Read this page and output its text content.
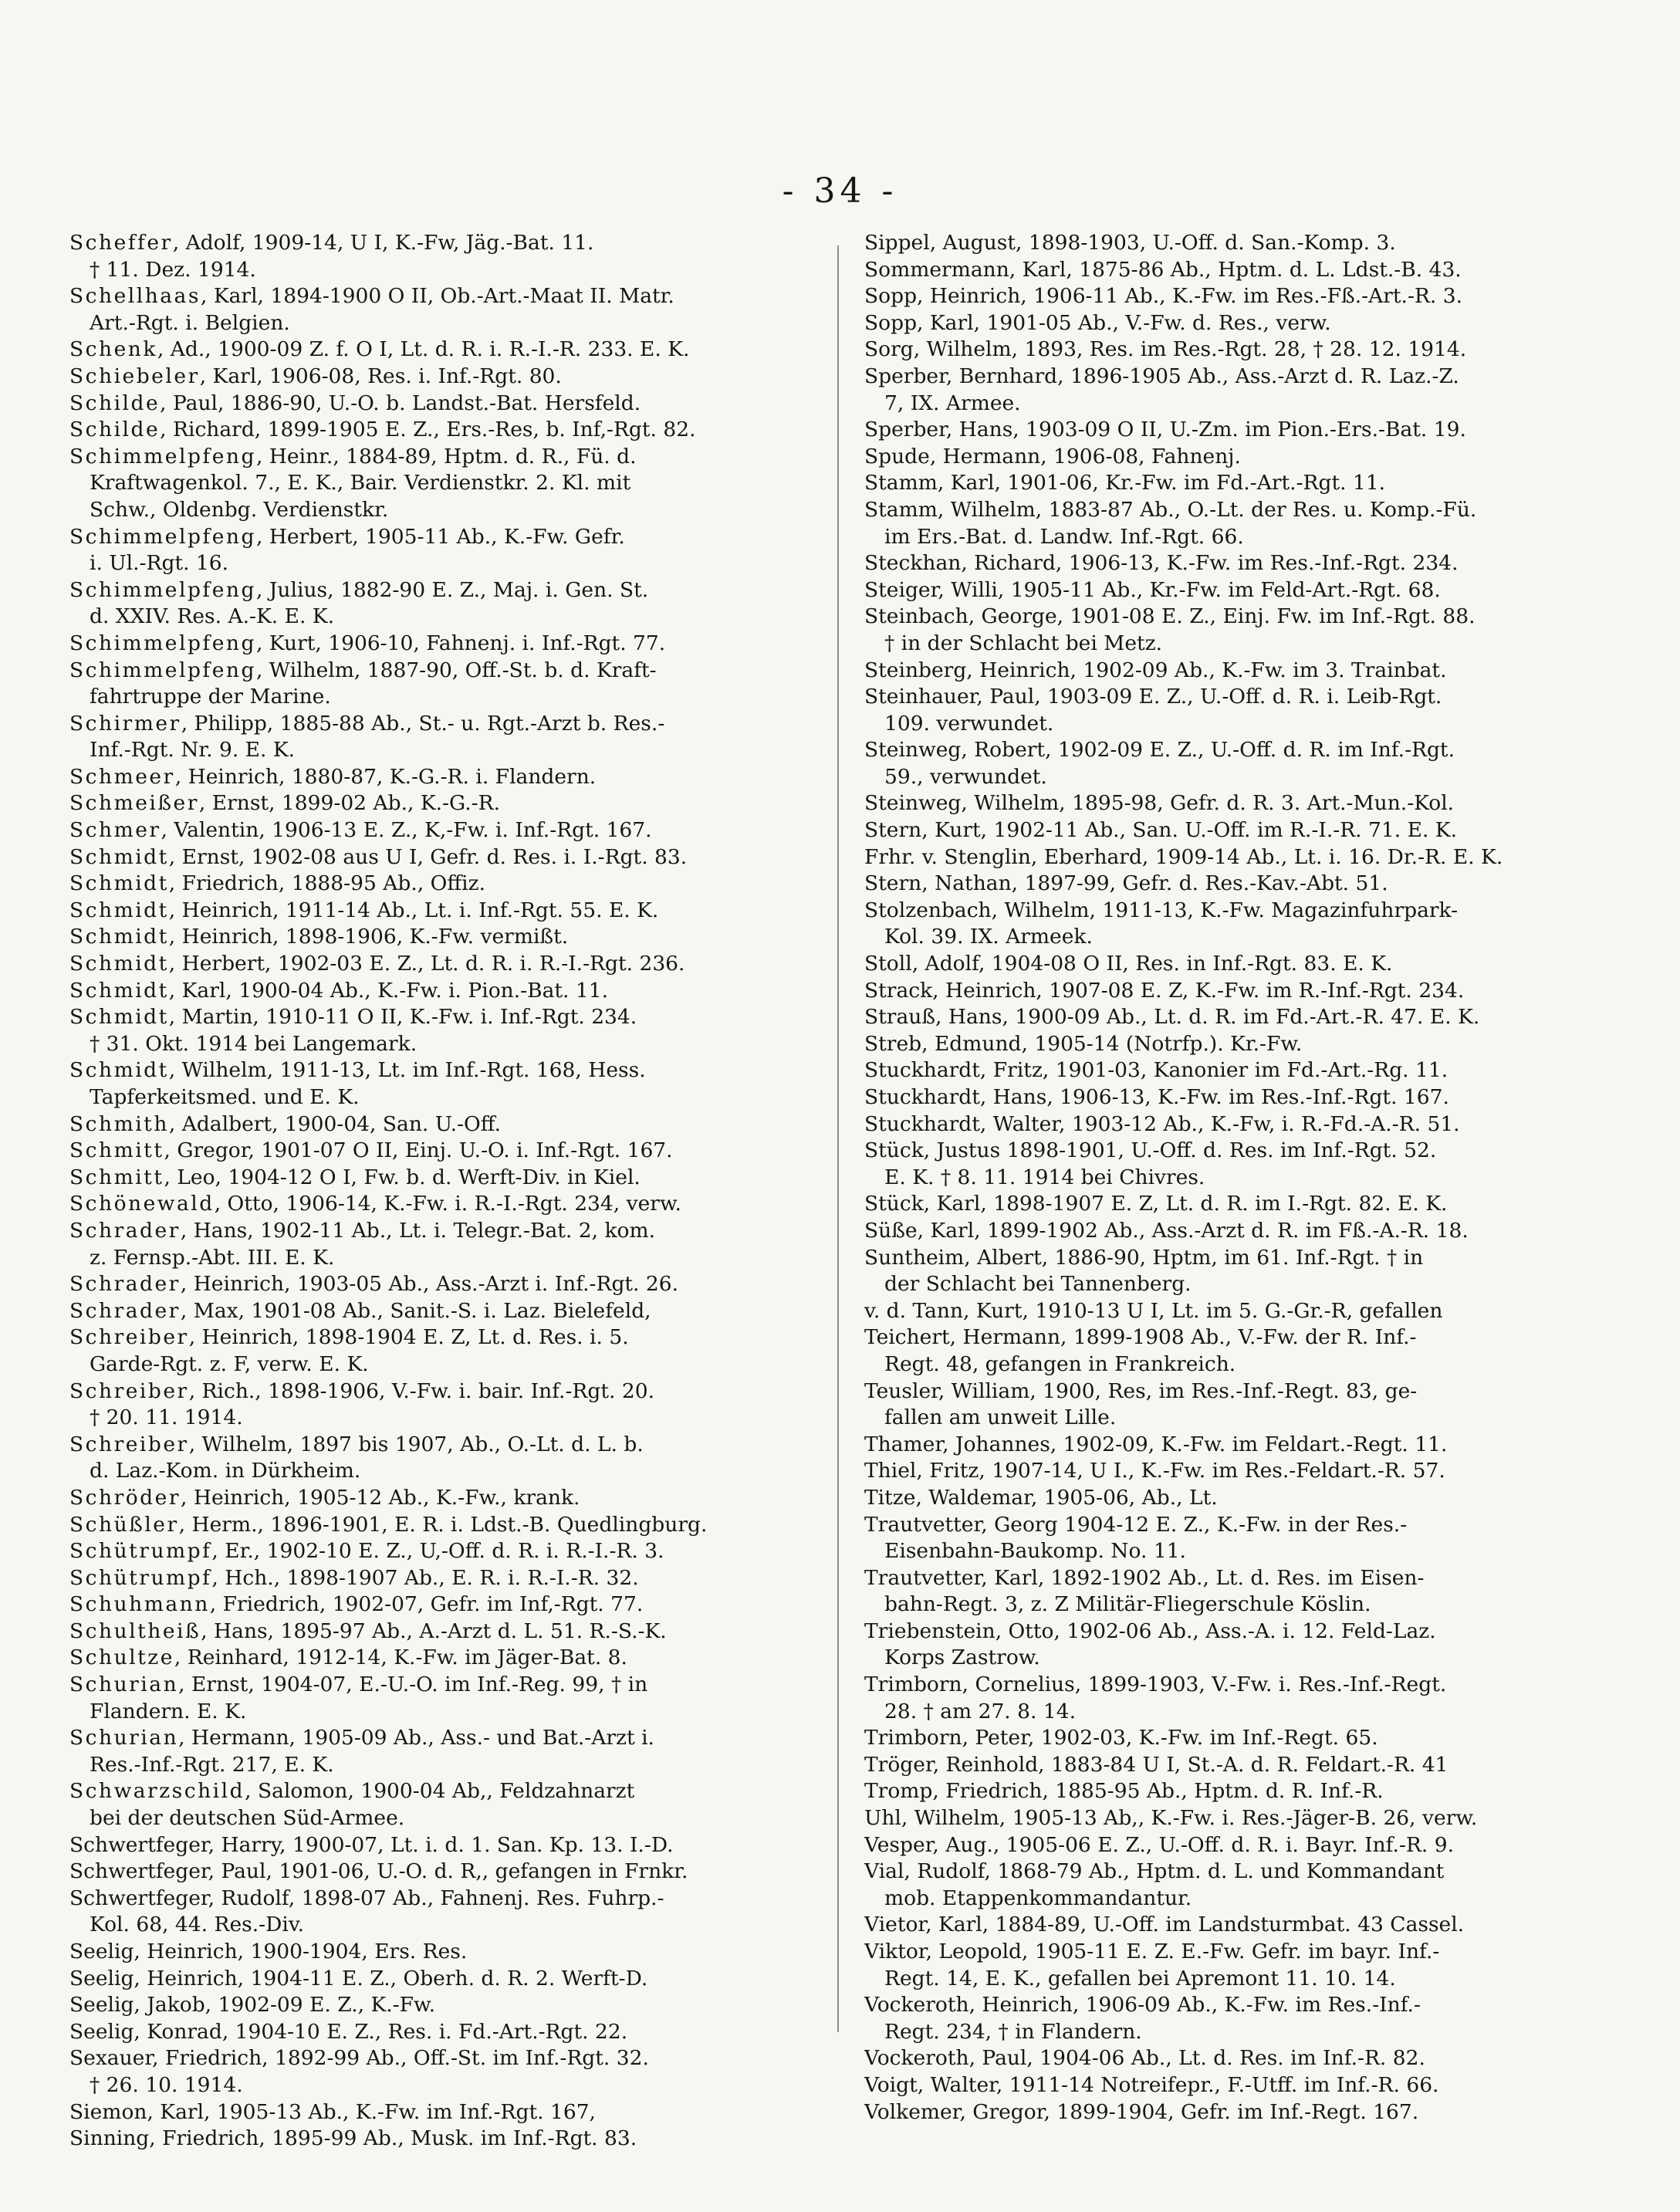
- 34 -
Scheffer, Adolf, 1909-14, U I, K.-Fw, Jäg.-Bat. 11.
† 11. Dez. 1914.
Schellhaas, Karl, 1894-1900 O II, Ob.-Art.-Maat II. Matr.
Art.-Rgt. i. Belgien.
Schenk, Ad., 1900-09 Z. f. O I, Lt. d. R. i. R.-I.-R. 233. E. K.
Schiebeler, Karl, 1906-08, Res. i. Inf.-Rgt. 80.
Schilde, Paul, 1886-90, U.-O. b. Landst.-Bat. Hersfeld.
Schilde, Richard, 1899-1905 E. Z., Ers.-Res, b. Inf,-Rgt. 82.
Schimmelpfeng, Heinr., 1884-89, Hptm. d. R., Fü. d.
Kraftwagenkol. 7., E. K., Bair. Verdienstkr. 2. Kl. mit
Schw., Oldenbg. Verdienstkr.
Schimmelpfeng, Herbert, 1905-11 Ab., K.-Fw. Gefr.
i. Ul.-Rgt. 16.
Schimmelpfeng, Julius, 1882-90 E. Z., Maj. i. Gen. St.
d. XXIV. Res. A.-K. E. K.
Schimmelpfeng, Kurt, 1906-10, Fahnenj. i. Inf.-Rgt. 77.
Schimmelpfeng, Wilhelm, 1887-90, Off.-St. b. d. Kraft-
fahrtruppe der Marine.
Schirmer, Philipp, 1885-88 Ab., St.- u. Rgt.-Arzt b. Res.-
Inf.-Rgt. Nr. 9. E. K.
Schmeer, Heinrich, 1880-87, K.-G.-R. i. Flandern.
Schmeißer, Ernst, 1899-02 Ab., K.-G.-R.
Schmer, Valentin, 1906-13 E. Z., K,-Fw. i. Inf.-Rgt. 167.
Schmidt, Ernst, 1902-08 aus U I, Gefr. d. Res. i. I.-Rgt. 83.
Schmidt, Friedrich, 1888-95 Ab., Offiz.
Schmidt, Heinrich, 1911-14 Ab., Lt. i. Inf.-Rgt. 55. E. K.
Schmidt, Heinrich, 1898-1906, K.-Fw. vermißt.
Schmidt, Herbert, 1902-03 E. Z., Lt. d. R. i. R.-I.-Rgt. 236.
Schmidt, Karl, 1900-04 Ab., K.-Fw. i. Pion.-Bat. 11.
Schmidt, Martin, 1910-11 O II, K.-Fw. i. Inf.-Rgt. 234.
† 31. Okt. 1914 bei Langemark.
Schmidt, Wilhelm, 1911-13, Lt. im Inf.-Rgt. 168, Hess.
Tapferkeitsmed. und E. K.
Schmith, Adalbert, 1900-04, San. U.-Off.
Schmitt, Gregor, 1901-07 O II, Einj. U.-O. i. Inf.-Rgt. 167.
Schmitt, Leo, 1904-12 O I, Fw. b. d. Werft-Div. in Kiel.
Schönewald, Otto, 1906-14, K.-Fw. i. R.-I.-Rgt. 234, verw.
Schrader, Hans, 1902-11 Ab., Lt. i. Telegr.-Bat. 2, kom.
z. Fernsp.-Abt. III. E. K.
Schrader, Heinrich, 1903-05 Ab., Ass.-Arzt i. Inf.-Rgt. 26.
Schrader, Max, 1901-08 Ab., Sanit.-S. i. Laz. Bielefeld,
Schreiber, Heinrich, 1898-1904 E. Z, Lt. d. Res. i. 5.
Garde-Rgt. z. F, verw. E. K.
Schreiber, Rich., 1898-1906, V.-Fw. i. bair. Inf.-Rgt. 20.
† 20. 11. 1914.
Schreiber, Wilhelm, 1897 bis 1907, Ab., O.-Lt. d. L. b.
d. Laz.-Kom. in Dürkheim.
Schröder, Heinrich, 1905-12 Ab., K.-Fw., krank.
Schüßler, Herm., 1896-1901, E. R. i. Ldst.-B. Quedlingburg.
Schütrumpf, Er., 1902-10 E. Z., U,-Off. d. R. i. R.-I.-R. 3.
Schütrumpf, Hch., 1898-1907 Ab., E. R. i. R.-I.-R. 32.
Schuhmann, Friedrich, 1902-07, Gefr. im Inf,-Rgt. 77.
Schultheiß, Hans, 1895-97 Ab., A.-Arzt d. L. 51. R.-S.-K.
Schultze, Reinhard, 1912-14, K.-Fw. im Jäger-Bat. 8.
Schurian, Ernst, 1904-07, E.-U.-O. im Inf.-Reg. 99, † in
Flandern. E. K.
Schurian, Hermann, 1905-09 Ab., Ass.- und Bat.-Arzt i.
Res.-Inf.-Rgt. 217, E. K.
Schwarzschild, Salomon, 1900-04 Ab,, Feldzahnarzt
bei der deutschen Süd-Armee.
Schwertfeger, Harry, 1900-07, Lt. i. d. 1. San. Kp. 13. I.-D.
Schwertfeger, Paul, 1901-06, U.-O. d. R,, gefangen in Frnkr.
Schwertfeger, Rudolf, 1898-07 Ab., Fahnenj. Res. Fuhrp.-
Kol. 68, 44. Res.-Div.
Seelig, Heinrich, 1900-1904, Ers. Res.
Seelig, Heinrich, 1904-11 E. Z., Oberh. d. R. 2. Werft-D.
Seelig, Jakob, 1902-09 E. Z., K.-Fw.
Seelig, Konrad, 1904-10 E. Z., Res. i. Fd.-Art.-Rgt. 22.
Sexauer, Friedrich, 1892-99 Ab., Off.-St. im Inf.-Rgt. 32.
† 26. 10. 1914.
Siemon, Karl, 1905-13 Ab., K.-Fw. im Inf.-Rgt. 167,
Sinning, Friedrich, 1895-99 Ab., Musk. im Inf.-Rgt. 83.
Sippel, August, 1898-1903, U.-Off. d. San.-Komp. 3.
Sommermann, Karl, 1875-86 Ab., Hptm. d. L. Ldst.-B. 43.
Sopp, Heinrich, 1906-11 Ab., K.-Fw. im Res.-Fß.-Art.-R. 3.
Sopp, Karl, 1901-05 Ab., V.-Fw. d. Res., verw.
Sorg, Wilhelm, 1893, Res. im Res.-Rgt. 28, † 28. 12. 1914.
Sperber, Bernhard, 1896-1905 Ab., Ass.-Arzt d. R. Laz.-Z.
7, IX. Armee.
Sperber, Hans, 1903-09 O II, U.-Zm. im Pion.-Ers.-Bat. 19.
Spude, Hermann, 1906-08, Fahnenj.
Stamm, Karl, 1901-06, Kr.-Fw. im Fd.-Art.-Rgt. 11.
Stamm, Wilhelm, 1883-87 Ab., O.-Lt. der Res. u. Komp.-Fü.
im Ers.-Bat. d. Landw. Inf.-Rgt. 66.
Steckhan, Richard, 1906-13, K.-Fw. im Res.-Inf.-Rgt. 234.
Steiger, Willi, 1905-11 Ab., Kr.-Fw. im Feld-Art.-Rgt. 68.
Steinbach, George, 1901-08 E. Z., Einj. Fw. im Inf.-Rgt. 88.
† in der Schlacht bei Metz.
Steinberg, Heinrich, 1902-09 Ab., K.-Fw. im 3. Trainbat.
Steinhauer, Paul, 1903-09 E. Z., U.-Off. d. R. i. Leib-Rgt.
109. verwundet.
Steinweg, Robert, 1902-09 E. Z., U.-Off. d. R. im Inf.-Rgt.
59., verwundet.
Steinweg, Wilhelm, 1895-98, Gefr. d. R. 3. Art.-Mun.-Kol.
Stern, Kurt, 1902-11 Ab., San. U.-Off. im R.-I.-R. 71. E. K.
Frhr. v. Stenglin, Eberhard, 1909-14 Ab., Lt. i. 16. Dr.-R. E. K.
Stern, Nathan, 1897-99, Gefr. d. Res.-Kav.-Abt. 51.
Stolzenbach, Wilhelm, 1911-13, K.-Fw. Magazinfuhrpark-
Kol. 39. IX. Armeek.
Stoll, Adolf, 1904-08 O II, Res. in Inf.-Rgt. 83. E. K.
Strack, Heinrich, 1907-08 E. Z, K.-Fw. im R.-Inf.-Rgt. 234.
Strauß, Hans, 1900-09 Ab., Lt. d. R. im Fd.-Art.-R. 47. E. K.
Streb, Edmund, 1905-14 (Notrfp.). Kr.-Fw.
Stuckhardt, Fritz, 1901-03, Kanonier im Fd.-Art.-Rg. 11.
Stuckhardt, Hans, 1906-13, K.-Fw. im Res.-Inf.-Rgt. 167.
Stuckhardt, Walter, 1903-12 Ab., K.-Fw, i. R.-Fd.-A.-R. 51.
Stück, Justus 1898-1901, U.-Off. d. Res. im Inf.-Rgt. 52.
E. K. † 8. 11. 1914 bei Chivres.
Stück, Karl, 1898-1907 E. Z, Lt. d. R. im I.-Rgt. 82. E. K.
Süße, Karl, 1899-1902 Ab., Ass.-Arzt d. R. im Fß.-A.-R. 18.
Suntheim, Albert, 1886-90, Hptm, im 61. Inf.-Rgt. † in
der Schlacht bei Tannenberg.
v. d. Tann, Kurt, 1910-13 U I, Lt. im 5. G.-Gr.-R, gefallen
Teichert, Hermann, 1899-1908 Ab., V.-Fw. der R. Inf.-
Regt. 48, gefangen in Frankreich.
Teusler, William, 1900, Res, im Res.-Inf.-Regt. 83, ge-
fallen am unweit Lille.
Thamer, Johannes, 1902-09, K.-Fw. im Feldart.-Regt. 11.
Thiel, Fritz, 1907-14, U I., K.-Fw. im Res.-Feldart.-R. 57.
Titze, Waldemar, 1905-06, Ab., Lt.
Trautvetter, Georg 1904-12 E. Z., K.-Fw. in der Res.-
Eisenbahn-Baukomp. No. 11.
Trautvetter, Karl, 1892-1902 Ab., Lt. d. Res. im Eisen-
bahn-Regt. 3, z. Z Militär-Fliegerschule Köslin.
Triebenstein, Otto, 1902-06 Ab., Ass.-A. i. 12. Feld-Laz.
Korps Zastrow.
Trimborn, Cornelius, 1899-1903, V.-Fw. i. Res.-Inf.-Regt.
28. † am 27. 8. 14.
Trimborn, Peter, 1902-03, K.-Fw. im Inf.-Regt. 65.
Tröger, Reinhold, 1883-84 U I, St.-A. d. R. Feldart.-R. 41
Tromp, Friedrich, 1885-95 Ab., Hptm. d. R. Inf.-R.
Uhl, Wilhelm, 1905-13 Ab,, K.-Fw. i. Res.-Jäger-B. 26, verw.
Vesper, Aug., 1905-06 E. Z., U.-Off. d. R. i. Bayr. Inf.-R. 9.
Vial, Rudolf, 1868-79 Ab., Hptm. d. L. und Kommandant
mob. Etappenkommandantur.
Vietor, Karl, 1884-89, U.-Off. im Landsturmbat. 43 Cassel.
Viktor, Leopold, 1905-11 E. Z. E.-Fw. Gefr. im bayr. Inf.-
Regt. 14, E. K., gefallen bei Apremont 11. 10. 14.
Vockeroth, Heinrich, 1906-09 Ab., K.-Fw. im Res.-Inf.-
Regt. 234, † in Flandern.
Vockeroth, Paul, 1904-06 Ab., Lt. d. Res. im Inf.-R. 82.
Voigt, Walter, 1911-14 Notreifepr., F.-Utff. im Inf.-R. 66.
Volkemer, Gregor, 1899-1904, Gefr. im Inf.-Regt. 167.
